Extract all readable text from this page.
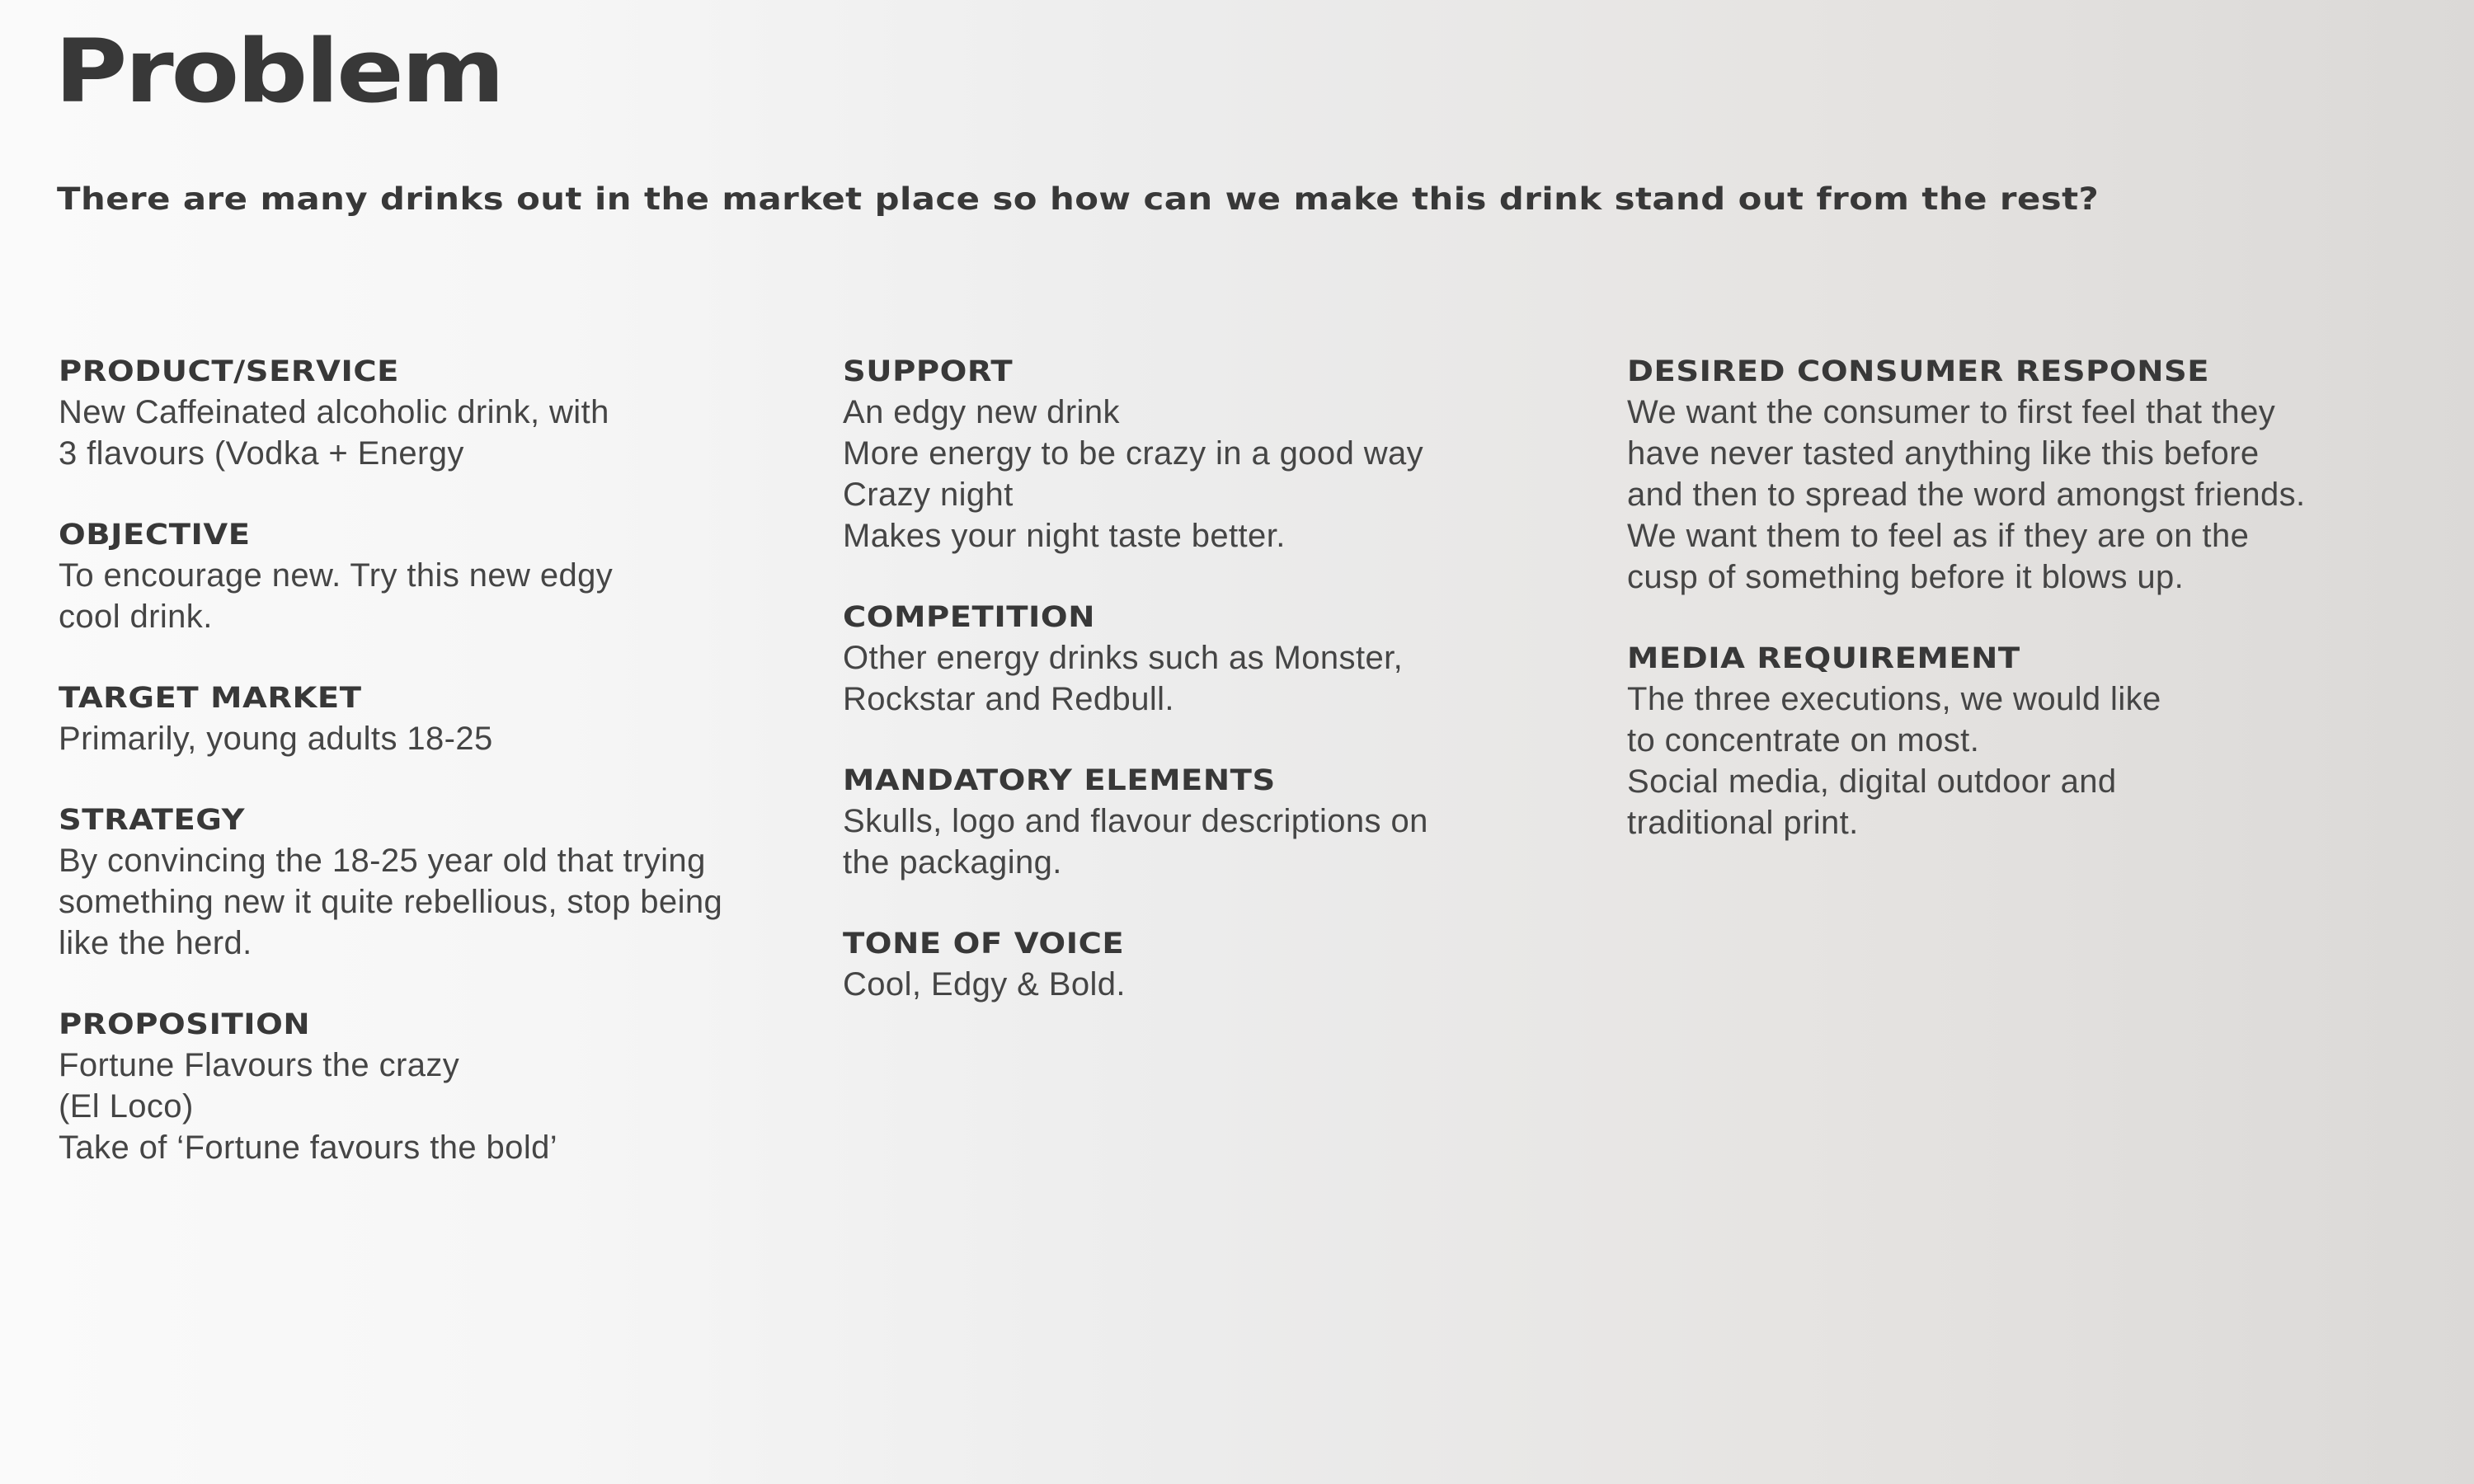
Problem

There are many drinks out in the market place so how can we make this drink stand out from the rest?

PRODUCT/SERVICE
New Caffeinated alcoholic drink, with
3 flavours (Vodka + Energy
OBJECTIVE
To encourage new. Try this new edgy
cool drink.
TARGET MARKET
Primarily, young adults 18-25
STRATEGY
By convincing the 18-25 year old that trying
something new it quite rebellious, stop being
like the herd.
PROPOSITION
Fortune Flavours the crazy
(El Loco)
Take of ‘Fortune favours the bold’
SUPPORT
An edgy new drink
More energy to be crazy in a good way
Crazy night
Makes your night taste better.
COMPETITION
Other energy drinks such as Monster,
Rockstar and Redbull.
MANDATORY ELEMENTS
Skulls, logo and flavour descriptions on
the packaging.
TONE OF VOICE
Cool, Edgy & Bold.
DESIRED CONSUMER RESPONSE
We want the consumer to first feel that they
have never tasted anything like this before
and then to spread the word amongst friends.
We want them to feel as if they are on the
cusp of something before it blows up.
MEDIA REQUIREMENT
The three executions, we would like
to concentrate on most.
Social media, digital outdoor and
traditional print.
